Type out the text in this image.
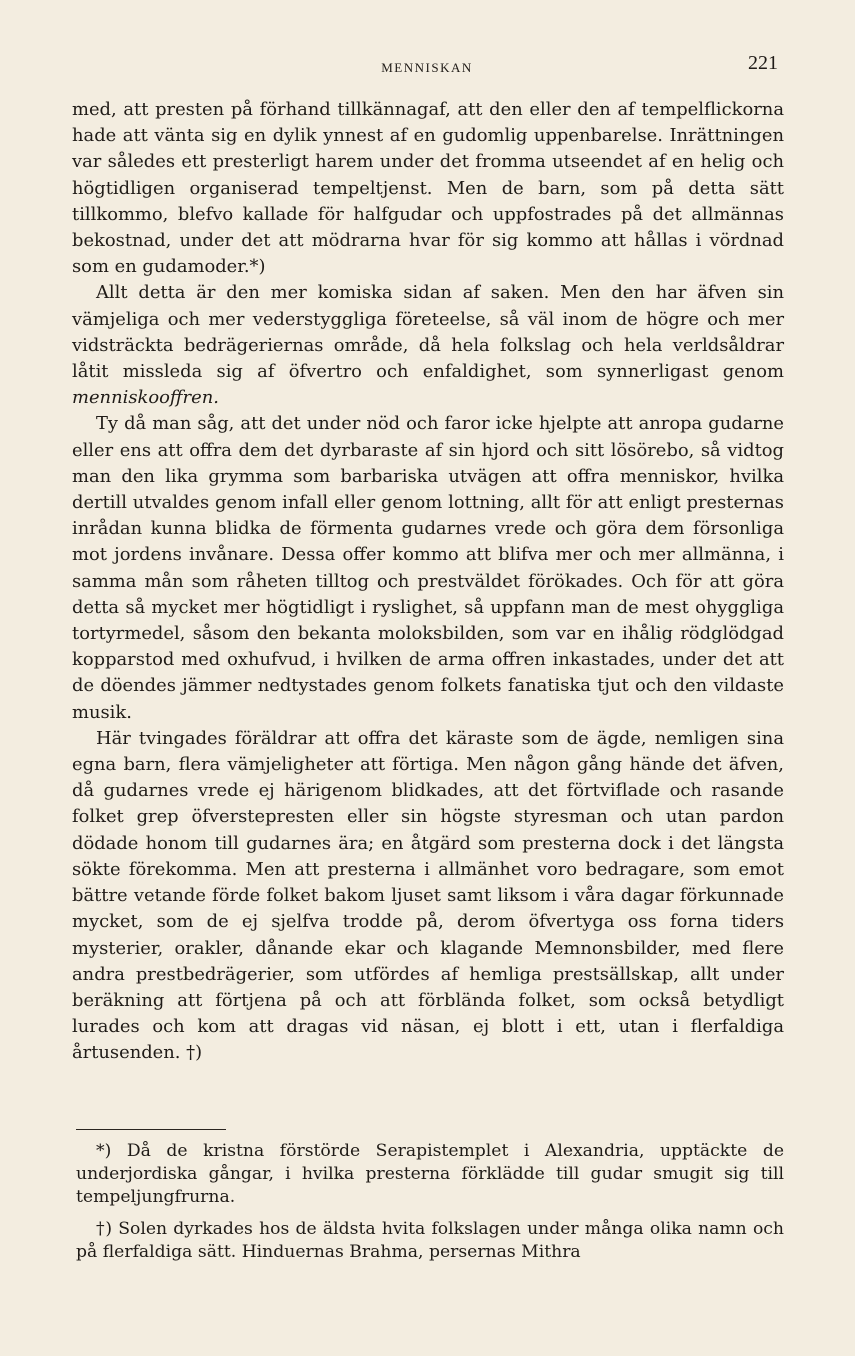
MENNISKAN	221

med, att presten på förhand tillkännagaf, att den eller den af tempelflickorna hade att vänta sig en dylik ynnest af en gudomlig uppenbarelse. Inrättningen var således ett presterligt harem under det fromma utseendet af en helig och högtidligen organiserad tempeltjenst. Men de barn, som på detta sätt tillkommo, blefvo kallade för halfgudar och uppfostrades på det allmännas bekostnad, under det att mödrarna hvar för sig kommo att hållas i vördnad som en gudamoder.*)

Allt detta är den mer komiska sidan af saken. Men den har äfven sin vämjeliga och mer vederstyggliga företeelse, så väl inom de högre och mer vidsträckta bedrägeriernas område, då hela folkslag och hela verldsåldrar låtit missleda sig af öfvertro och enfaldighet, som synnerligast genom menniskooffren.

Ty då man såg, att det under nöd och faror icke hjelpte att anropa gudarne eller ens att offra dem det dyrbaraste af sin hjord och sitt lösörebo, så vidtog man den lika grymma som barbariska utvägen att offra menniskor, hvilka dertill utvaldes genom infall eller genom lottning, allt för att enligt presternas inrådan kunna blidka de förmenta gudarnes vrede och göra dem försonliga mot jordens invånare. Dessa offer kommo att blifva mer och mer allmänna, i samma mån som råheten tilltog och prestväldet förökades. Och för att göra detta så mycket mer högtidligt i ryslighet, så uppfann man de mest ohyggliga tortyrmedel, såsom den bekanta moloksbilden, som var en ihålig rödglödgad kopparstod med oxhufvud, i hvilken de arma offren inkastades, under det att de döendes jämmer nedtystades genom folkets fanatiska tjut och den vildaste musik.

Här tvingades föräldrar att offra det käraste som de ägde, nemligen sina egna barn, flera vämjeligheter att förtiga. Men någon gång hände det äfven, då gudarnes vrede ej härigenom blidkades, att det förtviflade och rasande folket grep öfverstepresten eller sin högste styresman och utan pardon dödade honom till gudarnes ära; en åtgärd som presterna dock i det längsta sökte förekomma. Men att presterna i allmänhet voro bedragare, som emot bättre vetande förde folket bakom ljuset samt liksom i våra dagar förkunnade mycket, som de ej sjelfva trodde på, derom öfvertyga oss forna tiders mysterier, orakler, dånande ekar och klagande Memnonsbilder, med flere andra prestbedrägerier, som utfördes af hemliga prestsällskap, allt under beräkning att förtjena på och att förblända folket, som också betydligt lurades och kom att dragas vid näsan, ej blott i ett, utan i flerfaldiga årtusenden. †)

*) Då de kristna förstörde Serapistemplet i Alexandria, upptäckte de underjordiska gångar, i hvilka presterna förklädde till gudar smugit sig till tempeljungfrurna.

†) Solen dyrkades hos de äldsta hvita folkslagen under många olika namn och på flerfaldiga sätt. Hinduernas Brahma, persernas Mithra
